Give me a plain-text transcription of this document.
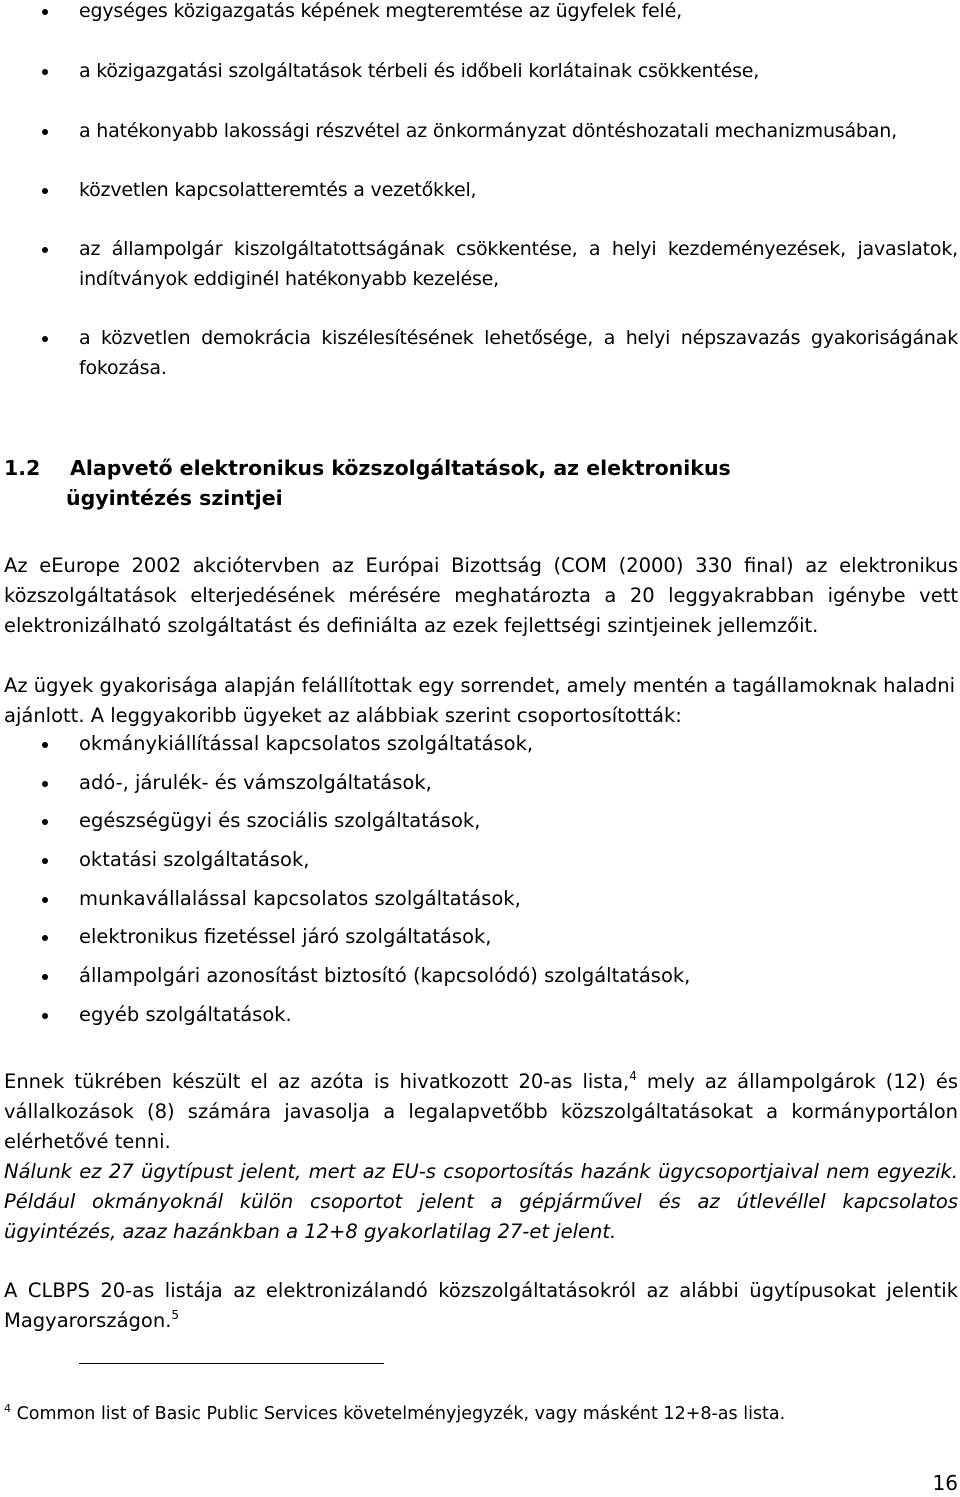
egységes közigazgatás képének megteremtése az ügyfelek felé,
a közigazgatási szolgáltatások térbeli és időbeli korlátainak csökkentése,
a hatékonyabb lakossági részvétel az önkormányzat döntéshozatali mechanizmusában,
közvetlen kapcsolatteremtés a vezetőkkel,
az állampolgár kiszolgáltatottságának csökkentése, a helyi kezdeményezések, javaslatok, indítványok eddiginél hatékonyabb kezelése,
a közvetlen demokrácia kiszélesítésének lehetősége, a helyi népszavazás gyakoriságának fokozása.
1.2 Alapvető elektronikus közszolgáltatások, az elektronikus
ügyintézés szintjei

Az eEurope 2002 akciótervben az Európai Bizottság (COM (2000) 330 final) az elektronikus közszolgáltatások elterjedésének mérésére meghatározta a 20 leggyakrabban igénybe vett elektronizálható szolgáltatást és definiálta az ezek fejlettségi szintjeinek jellemzőit.

Az ügyek gyakorisága alapján felállítottak egy sorrendet, amely mentén a tagállamoknak haladni ajánlott. A leggyakoribb ügyeket az alábbiak szerint csoportosították:

okmánykiállítással kapcsolatos szolgáltatások,
adó-, járulék- és vámszolgáltatások,
egészségügyi és szociális szolgáltatások,
oktatási szolgáltatások,
munkavállalással kapcsolatos szolgáltatások,
elektronikus fizetéssel járó szolgáltatások,
állampolgári azonosítást biztosító (kapcsolódó) szolgáltatások,
egyéb szolgáltatások.

Ennek tükrében készült el az azóta is hivatkozott 20-as lista,$^4$ mely az állampolgárok (12) és vállalkozások (8) számára javasolja a legalapvetőbb közszolgáltatásokat a kormányportálon elérhetővé tenni.

Nálunk ez 27 ügytípust jelent, mert az EU-s csoportosítás hazánk ügycsoportjaival nem egyezik. Például okmányoknál külön csoportot jelent a gépjárművel és az útlevéllel kapcsolatos ügyintézés, azaz hazánkban a 12+8 gyakorlatilag 27-et jelent.

A CLBPS 20-as listája az elektronizálandó közszolgáltatásokról az alábbi ügytípusokat jelentik Magyarországon.$^5$

$^4$ Common list of Basic Public Services követelményjegyzék, vagy másként 12+8-as lista.

16
